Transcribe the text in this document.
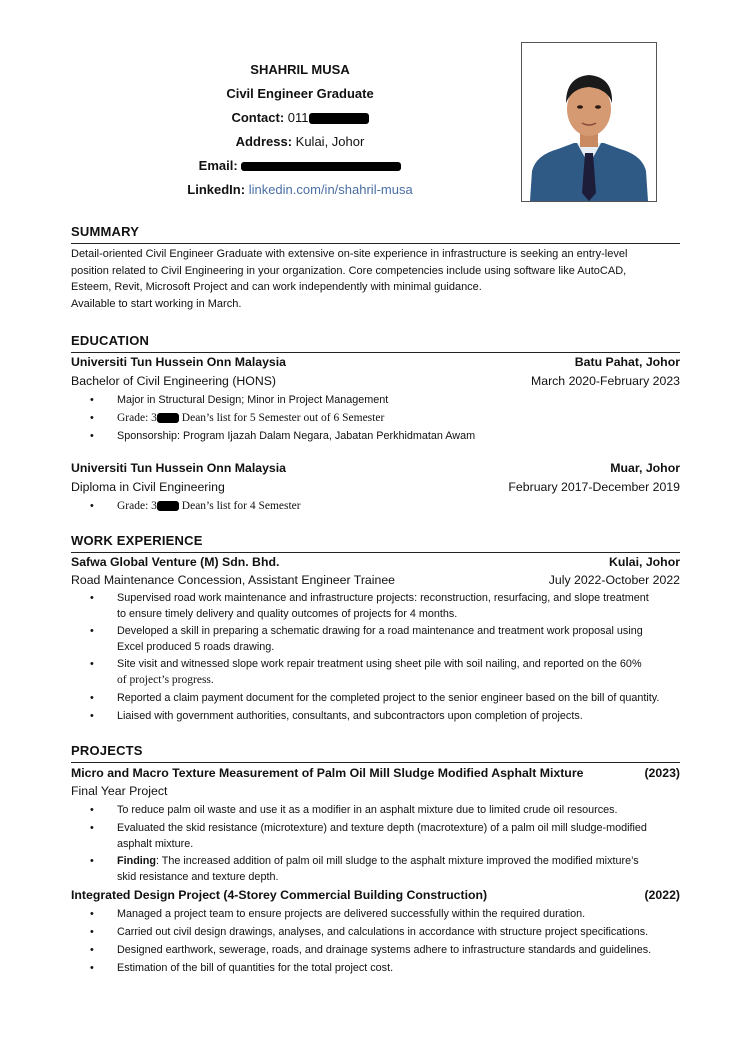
SHAHRIL MUSA
Civil Engineer Graduate
Contact: 011
Address: Kulai, Johor
Email:
LinkedIn: linkedin.com/in/shahril-musa
SUMMARY
Detail-oriented Civil Engineer Graduate with extensive on-site experience in infrastructure is seeking an entry-level
position related to Civil Engineering in your organization. Core competencies include using software like AutoCAD,
Esteem, Revit, Microsoft Project and can work independently with minimal guidance.
Available to start working in March.
EDUCATION
Universiti Tun Hussein Onn Malaysia	Batu Pahat, Johor
Bachelor of Civil Engineering (HONS)	March 2020-February 2023
• Major in Structural Design; Minor in Project Management
• Grade: 3 Dean’s list for 5 Semester out of 6 Semester
• Sponsorship: Program Ijazah Dalam Negara, Jabatan Perkhidmatan Awam
Universiti Tun Hussein Onn Malaysia	Muar, Johor
Diploma in Civil Engineering	February 2017-December 2019
• Grade: 3 Dean’s list for 4 Semester
WORK EXPERIENCE
Safwa Global Venture (M) Sdn. Bhd.	Kulai, Johor
Road Maintenance Concession, Assistant Engineer Trainee	July 2022-October 2022
• Supervised road work maintenance and infrastructure projects: reconstruction, resurfacing, and slope treatment
to ensure timely delivery and quality outcomes of projects for 4 months.
• Developed a skill in preparing a schematic drawing for a road maintenance and treatment work proposal using
Excel produced 5 roads drawing.
• Site visit and witnessed slope work repair treatment using sheet pile with soil nailing, and reported on the 60%
of project’s progress.
• Reported a claim payment document for the completed project to the senior engineer based on the bill of quantity.
• Liaised with government authorities, consultants, and subcontractors upon completion of projects.
PROJECTS
Micro and Macro Texture Measurement of Palm Oil Mill Sludge Modified Asphalt Mixture	(2023)
Final Year Project
• To reduce palm oil waste and use it as a modifier in an asphalt mixture due to limited crude oil resources.
• Evaluated the skid resistance (microtexture) and texture depth (macrotexture) of a palm oil mill sludge-modified
asphalt mixture.
• Finding: The increased addition of palm oil mill sludge to the asphalt mixture improved the modified mixture’s
skid resistance and texture depth.
Integrated Design Project (4-Storey Commercial Building Construction)	(2022)
• Managed a project team to ensure projects are delivered successfully within the required duration.
• Carried out civil design drawings, analyses, and calculations in accordance with structure project specifications.
• Designed earthwork, sewerage, roads, and drainage systems adhere to infrastructure standards and guidelines.
• Estimation of the bill of quantities for the total project cost.
